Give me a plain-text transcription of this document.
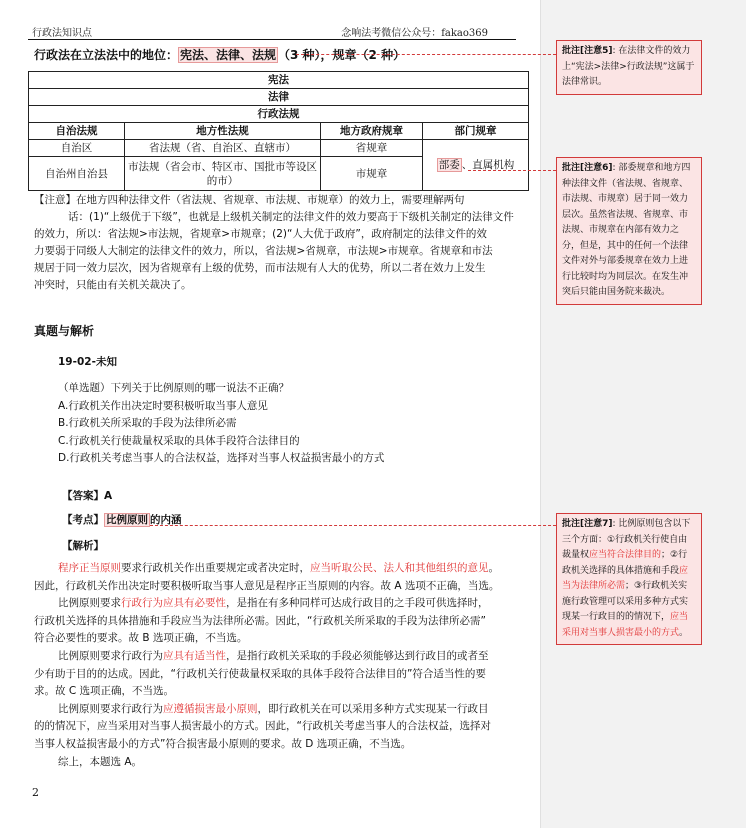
行政法知识点	念响法考微信公众号：fakao369
行政法在立法法中的地位： 宪法、法律、法规 （3 种），规章（2 种）
宪法			
法律			
行政法规			
自治法规	地方性法规	地方政府规章	部门规章
自治区	省法规（省、自治区、直辖市）	省规章	部委 、直属机构
自治州自治县	市法规（省会市、特区市、国批市等设区的市）	市规章	

【注意】在地方四种法律文件（省法规、省规章、市法规、市规章）的效力上，需要理解两句

话：(1)“上级优于下级”，也就是上级机关制定的法律文件的效力要高于下级机关制定的法律文件

的效力，所以：省法规>市法规，省规章>市规章；(2)“人大优于政府”，政府制定的法律文件的效

力要弱于同级人大制定的法律文件的效力，所以，省法规>省规章，市法规>市规章。省规章和市法

规居于同一效力层次，因为省规章有上级的优势，而市法规有人大的优势，所以二者在效力上发生

冲突时，只能由有关机关裁决了。

真题与解析
19-02-未知

（单选题）下列关于比例原则的哪一说法不正确？

A.行政机关作出决定时要积极听取当事人意见

B.行政机关所采取的手段为法律所必需

C.行政机关行使裁量权采取的具体手段符合法律目的

D.行政机关考虑当事人的合法权益，选择对当事人权益损害最小的方式

【答案】A
【考点】 比例原则 的内涵
【解析】

程序正当原则要求行政机关作出重要规定或者决定时，应当听取公民、法人和其他组织的意见。

因此，行政机关作出决定时要积极听取当事人意见是程序正当原则的内容。故 A 选项不正确，当选。

比例原则要求行政行为应具有必要性，是指在有多种同样可达成行政目的之手段可供选择时，

行政机关选择的具体措施和手段应当为法律所必需。因此，“行政机关所采取的手段为法律所必需”

符合必要性的要求。故 B 选项正确，不当选。

比例原则要求行政行为应具有适当性，是指行政机关采取的手段必须能够达到行政目的或者至

少有助于目的的达成。因此，“行政机关行使裁量权采取的具体手段符合法律目的”符合适当性的要

求。故 C 选项正确，不当选。

比例原则要求行政行为应遵循损害最小原则，即行政机关在可以采用多种方式实现某一行政目

的的情况下，应当采用对当事人损害最小的方式。因此，“行政机关考虑当事人的合法权益，选择对

当事人权益损害最小的方式”符合损害最小原则的要求。故 D 选项正确，不当选。

综上，本题选 A。

2
批注[注意5]: 在法律文件的效力上“宪法>法律>行政法规”这属于法律常识。
批注[注意6]: 部委规章和地方四种法律文件（省法规、省规章、市法规、市规章）居于同一效力层次。虽然省法规、省规章、市法规、市规章在内部有效力之分，但是，其中的任何一个法律文件对外与部委规章在效力上进行比较时均为同层次。在发生冲突后只能由国务院来裁决。
批注[注意7]: 比例原则包含以下三个方面：①行政机关行使自由裁量权应当符合法律目的；②行政机关选择的具体措施和手段应当为法律所必需；③行政机关实施行政管理可以采用多种方式实现某一行政目的的情况下，应当采用对当事人损害最小的方式。
